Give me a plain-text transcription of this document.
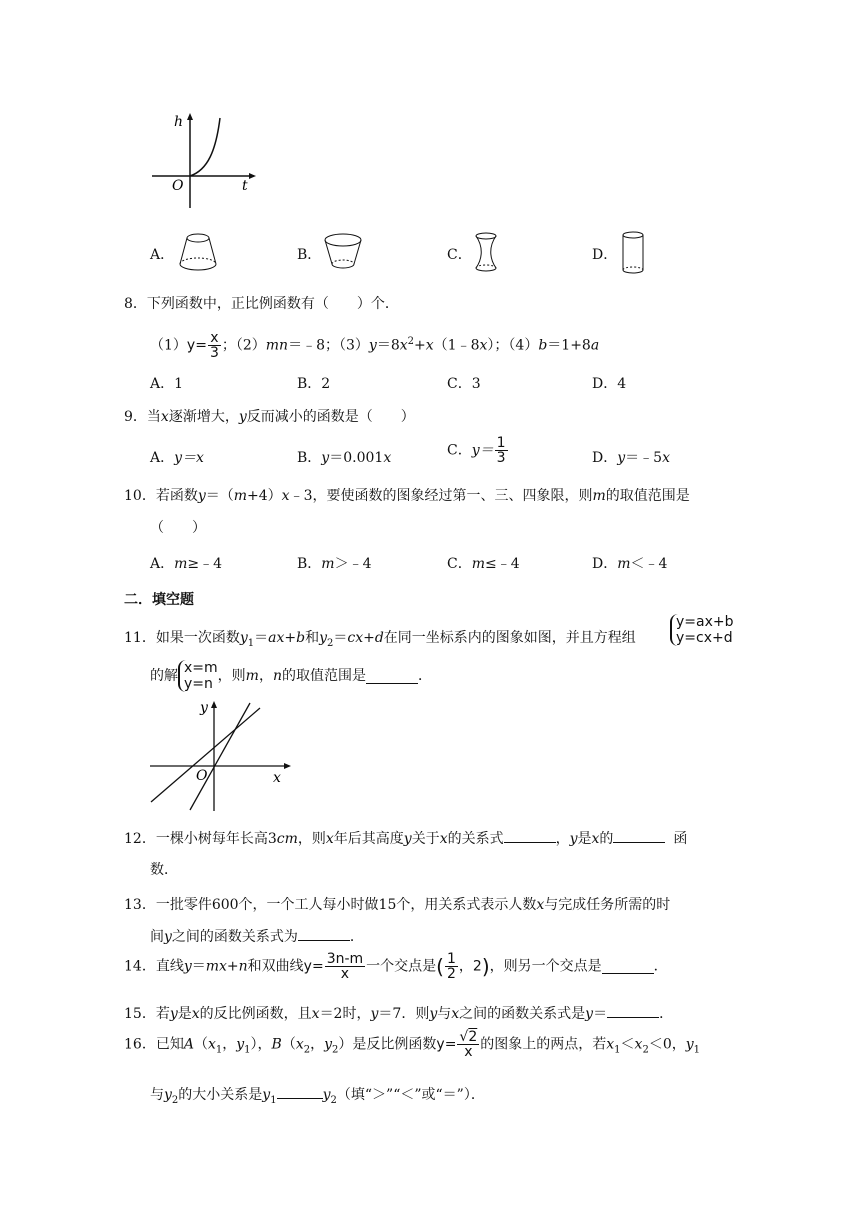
h
O	t
A．	B．	C．	D．
8．下列函数中，正比例函数有（　　）个．
$(1)y= \frac{x}{3}$ ；（2）mn＝﹣8；$(3)y=8x^2+x(1﹣8x)$；（4）b＝1+8a
A．1	B．2	C．3	D．4
9．当x逐渐增大，y反而减小的函数是（　　）
A．y＝x	B．y＝0.001x	C．$y= \frac{1}{3}$	D．y＝﹣5x
10．若函数y＝（m+4）x﹣3，要使函数的图象经过第一、三、四象限，则m的取值范围是
（　　）
A．m≥﹣4	B．m＞﹣4	C．m≤﹣4	D．m＜﹣4
二．填空题
11．如果一次函数$y_1=ax+b$和$y_2=cx+d$在同一坐标系内的图象如图，并且方程组
y=ax+b
y=cx+d
的解
x=m
y=n ，则m，n的取值范围是	．
y
O	x
12．一棵小树每年长高3cm，则x年后其高度y关于x的关系式	，y是x的	函
数．
13．一批零件600个，一个工人每小时做15个，用关系式表示人数x与完成任务所需的时
间y之间的函数关系式为	．
14．直线y＝mx+n和双曲线$y= \frac{3n-m}{x}$ 一个交点是( $\frac{1}{2}$ ，2)，则另一个交点是	．
15．若y是x的反比例函数，且x＝2时，y＝7．则y与x之间的函数关系式是y＝	．
16．已知$A(x_1$，$y_1$），$B(x_2$，$y_2$）是反比例函数$y= \frac{√2}{x}$ 的图象上的两点，若$x_1<x_2<0$，$y_1$
与$y_2$的大小关系是$y_1$	$y_2$（填“＞”“＜”或“＝”）．
